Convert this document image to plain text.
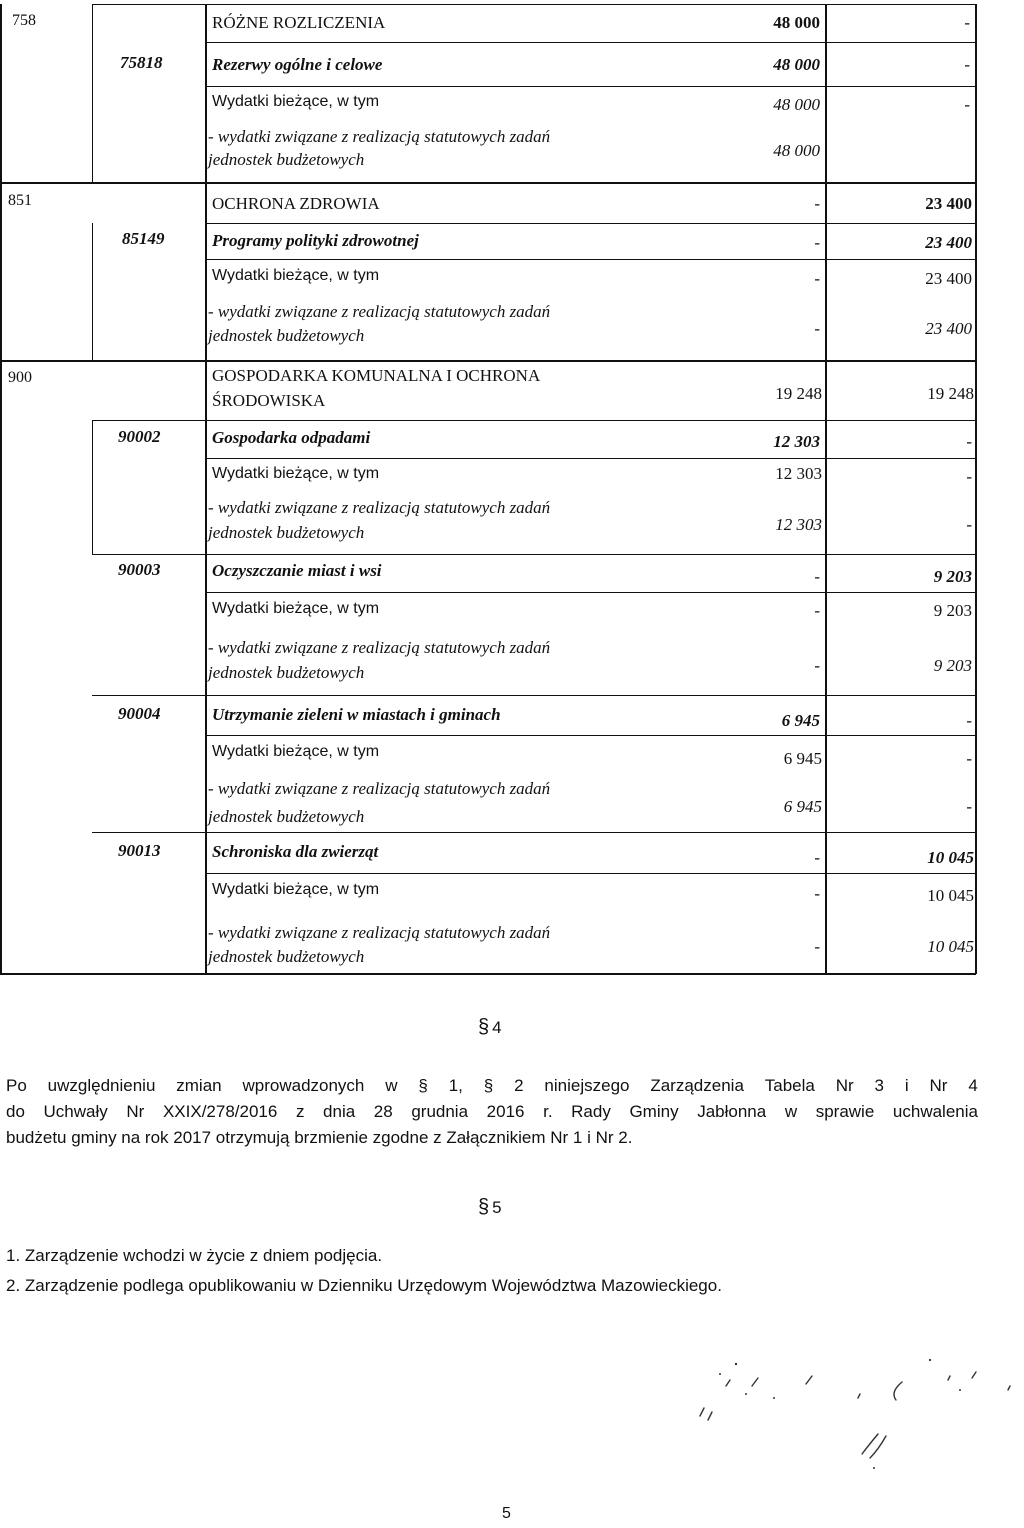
758	RÓŻNE ROZLICZENIA	48 000	-
75818	Rezerwy ogólne i celowe	48 000	-
Wydatki bieżące, w tym	48 000	-
- wydatki związane z realizacją statutowych zadań
jednostek budżetowych	48 000
851	OCHRONA ZDROWIA	-	23 400
85149	Programy polityki zdrowotnej	-	23 400
Wydatki bieżące, w tym	-	23 400
- wydatki związane z realizacją statutowych zadań
jednostek budżetowych	-	23 400
900	GOSPODARKA KOMUNALNA I OCHRONA
ŚRODOWISKA	19 248	19 248
90002	Gospodarka odpadami	12 303	-
Wydatki bieżące, w tym	12 303	-
- wydatki związane z realizacją statutowych zadań
jednostek budżetowych	12 303	-
90003	Oczyszczanie miast i wsi	-	9 203
Wydatki bieżące, w tym	-	9 203
- wydatki związane z realizacją statutowych zadań
jednostek budżetowych	-	9 203
90004	Utrzymanie zieleni w miastach i gminach	6 945	-
Wydatki bieżące, w tym	6 945	-
- wydatki związane z realizacją statutowych zadań
jednostek budżetowych
6 945	-
90013	Schroniska dla zwierząt	-	10 045
Wydatki bieżące, w tym	-	10 045
- wydatki związane z realizacją statutowych zadań
jednostek budżetowych
-	10 045
§ 4
Po uwzględnieniu zmian wprowadzonych w § 1, § 2 niniejszego Zarządzenia Tabela Nr 3 i Nr 4
do Uchwały Nr XXIX/278/2016 z dnia 28 grudnia 2016 r. Rady Gminy Jabłonna w sprawie uchwalenia
budżetu gminy na rok 2017 otrzymują brzmienie zgodne z Załącznikiem Nr 1 i Nr 2.
§ 5
1. Zarządzenie wchodzi w życie z dniem podjęcia.
2. Zarządzenie podlega opublikowaniu w Dzienniku Urzędowym Województwa Mazowieckiego.
5
